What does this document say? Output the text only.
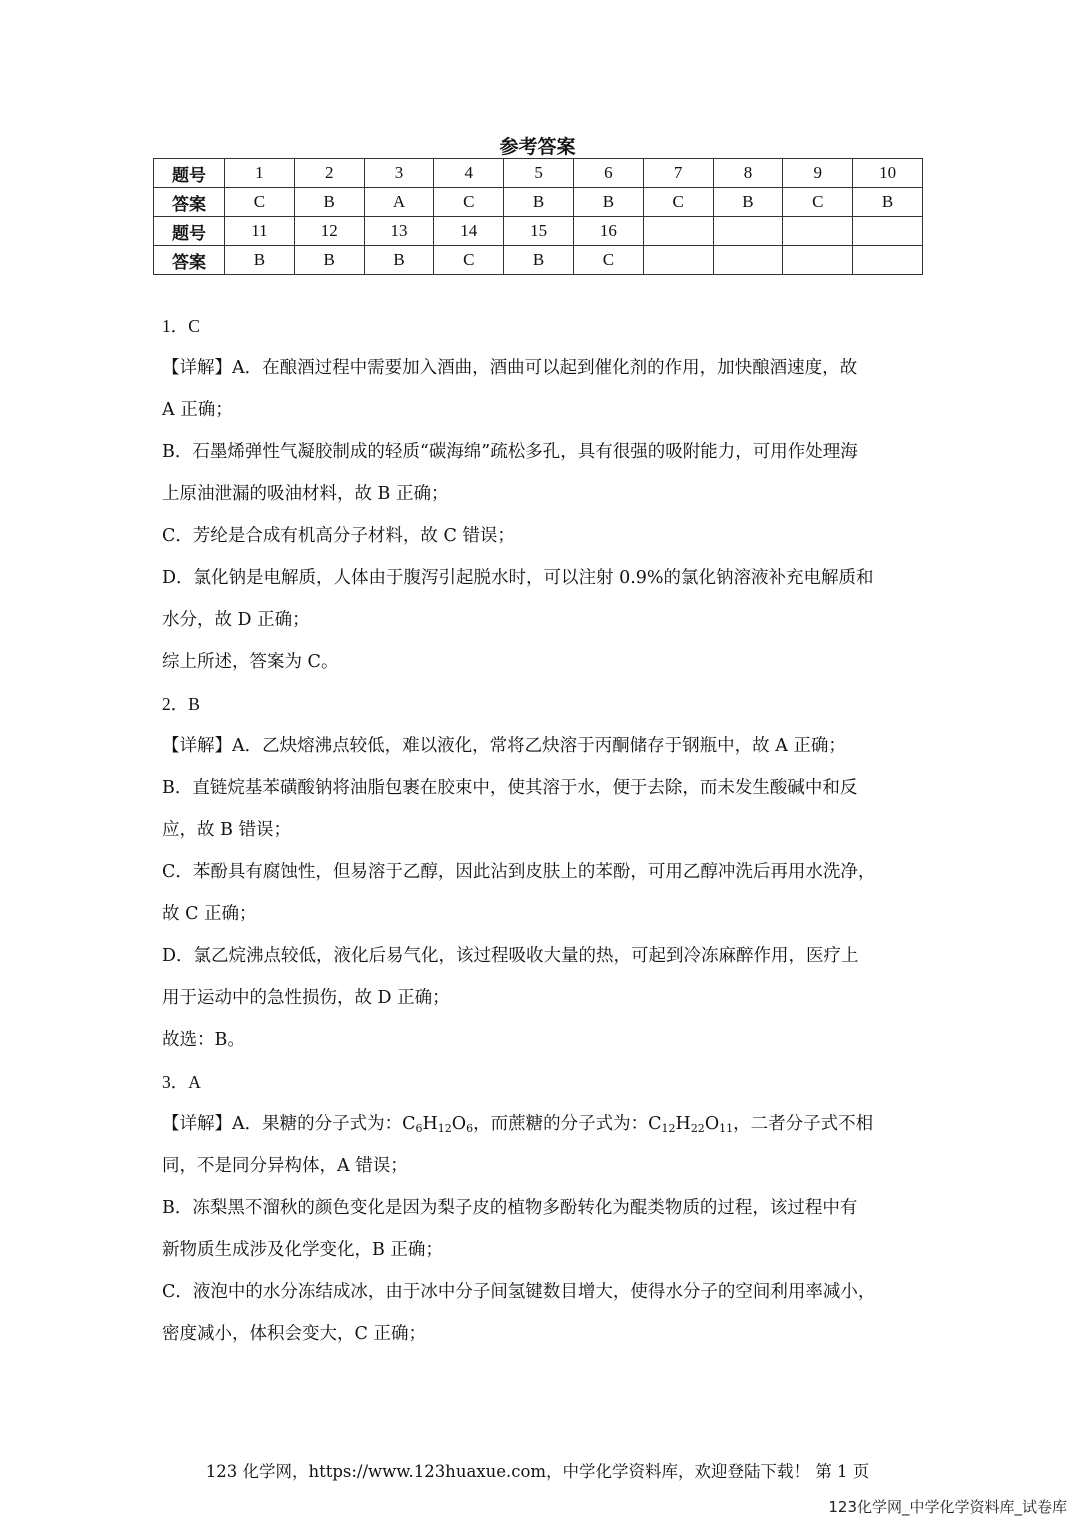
参考答案
题号	1	2	3	4	5	6	7	8	9	10
答案	C	B	A	C	B	B	C	B	C	B
题号	11	12	13	14	15	16				
答案	B	B	B	C	B	C				
1．C
【详解】A．在酿酒过程中需要加入酒曲，酒曲可以起到催化剂的作用，加快酿酒速度，故
A 正确；
B．石墨烯弹性气凝胶制成的轻质“碳海绵”疏松多孔，具有很强的吸附能力，可用作处理海
上原油泄漏的吸油材料，故 B 正确；
C．芳纶是合成有机高分子材料，故 C 错误；
D．氯化钠是电解质，人体由于腹泻引起脱水时，可以注射 0.9%的氯化钠溶液补充电解质和
水分，故 D 正确；
综上所述，答案为 C。
2．B
【详解】A．乙炔熔沸点较低，难以液化，常将乙炔溶于丙酮储存于钢瓶中，故 A 正确；
B．直链烷基苯磺酸钠将油脂包裹在胶束中，使其溶于水，便于去除，而未发生酸碱中和反
应，故 B 错误；
C．苯酚具有腐蚀性，但易溶于乙醇，因此沾到皮肤上的苯酚，可用乙醇冲洗后再用水洗净，
故 C 正确；
D．氯乙烷沸点较低，液化后易气化，该过程吸收大量的热，可起到冷冻麻醉作用，医疗上
用于运动中的急性损伤，故 D 正确；
故选：B。
3．A
【详解】A．果糖的分子式为：$C_6H_{12}O_6$，而蔗糖的分子式为：$C_{12}H_{22}O_{11}$，二者分子式不相
同，不是同分异构体，A 错误；
B．冻梨黑不溜秋的颜色变化是因为梨子皮的植物多酚转化为醌类物质的过程，该过程中有
新物质生成涉及化学变化，B 正确；
C．液泡中的水分冻结成冰，由于冰中分子间氢键数目增大，使得水分子的空间利用率减小，
密度减小，体积会变大，C 正确；
123 化学网，https://www.123huaxue.com，中学化学资料库，欢迎登陆下载！ 第 1 页
123化学网_中学化学资料库_试卷库
